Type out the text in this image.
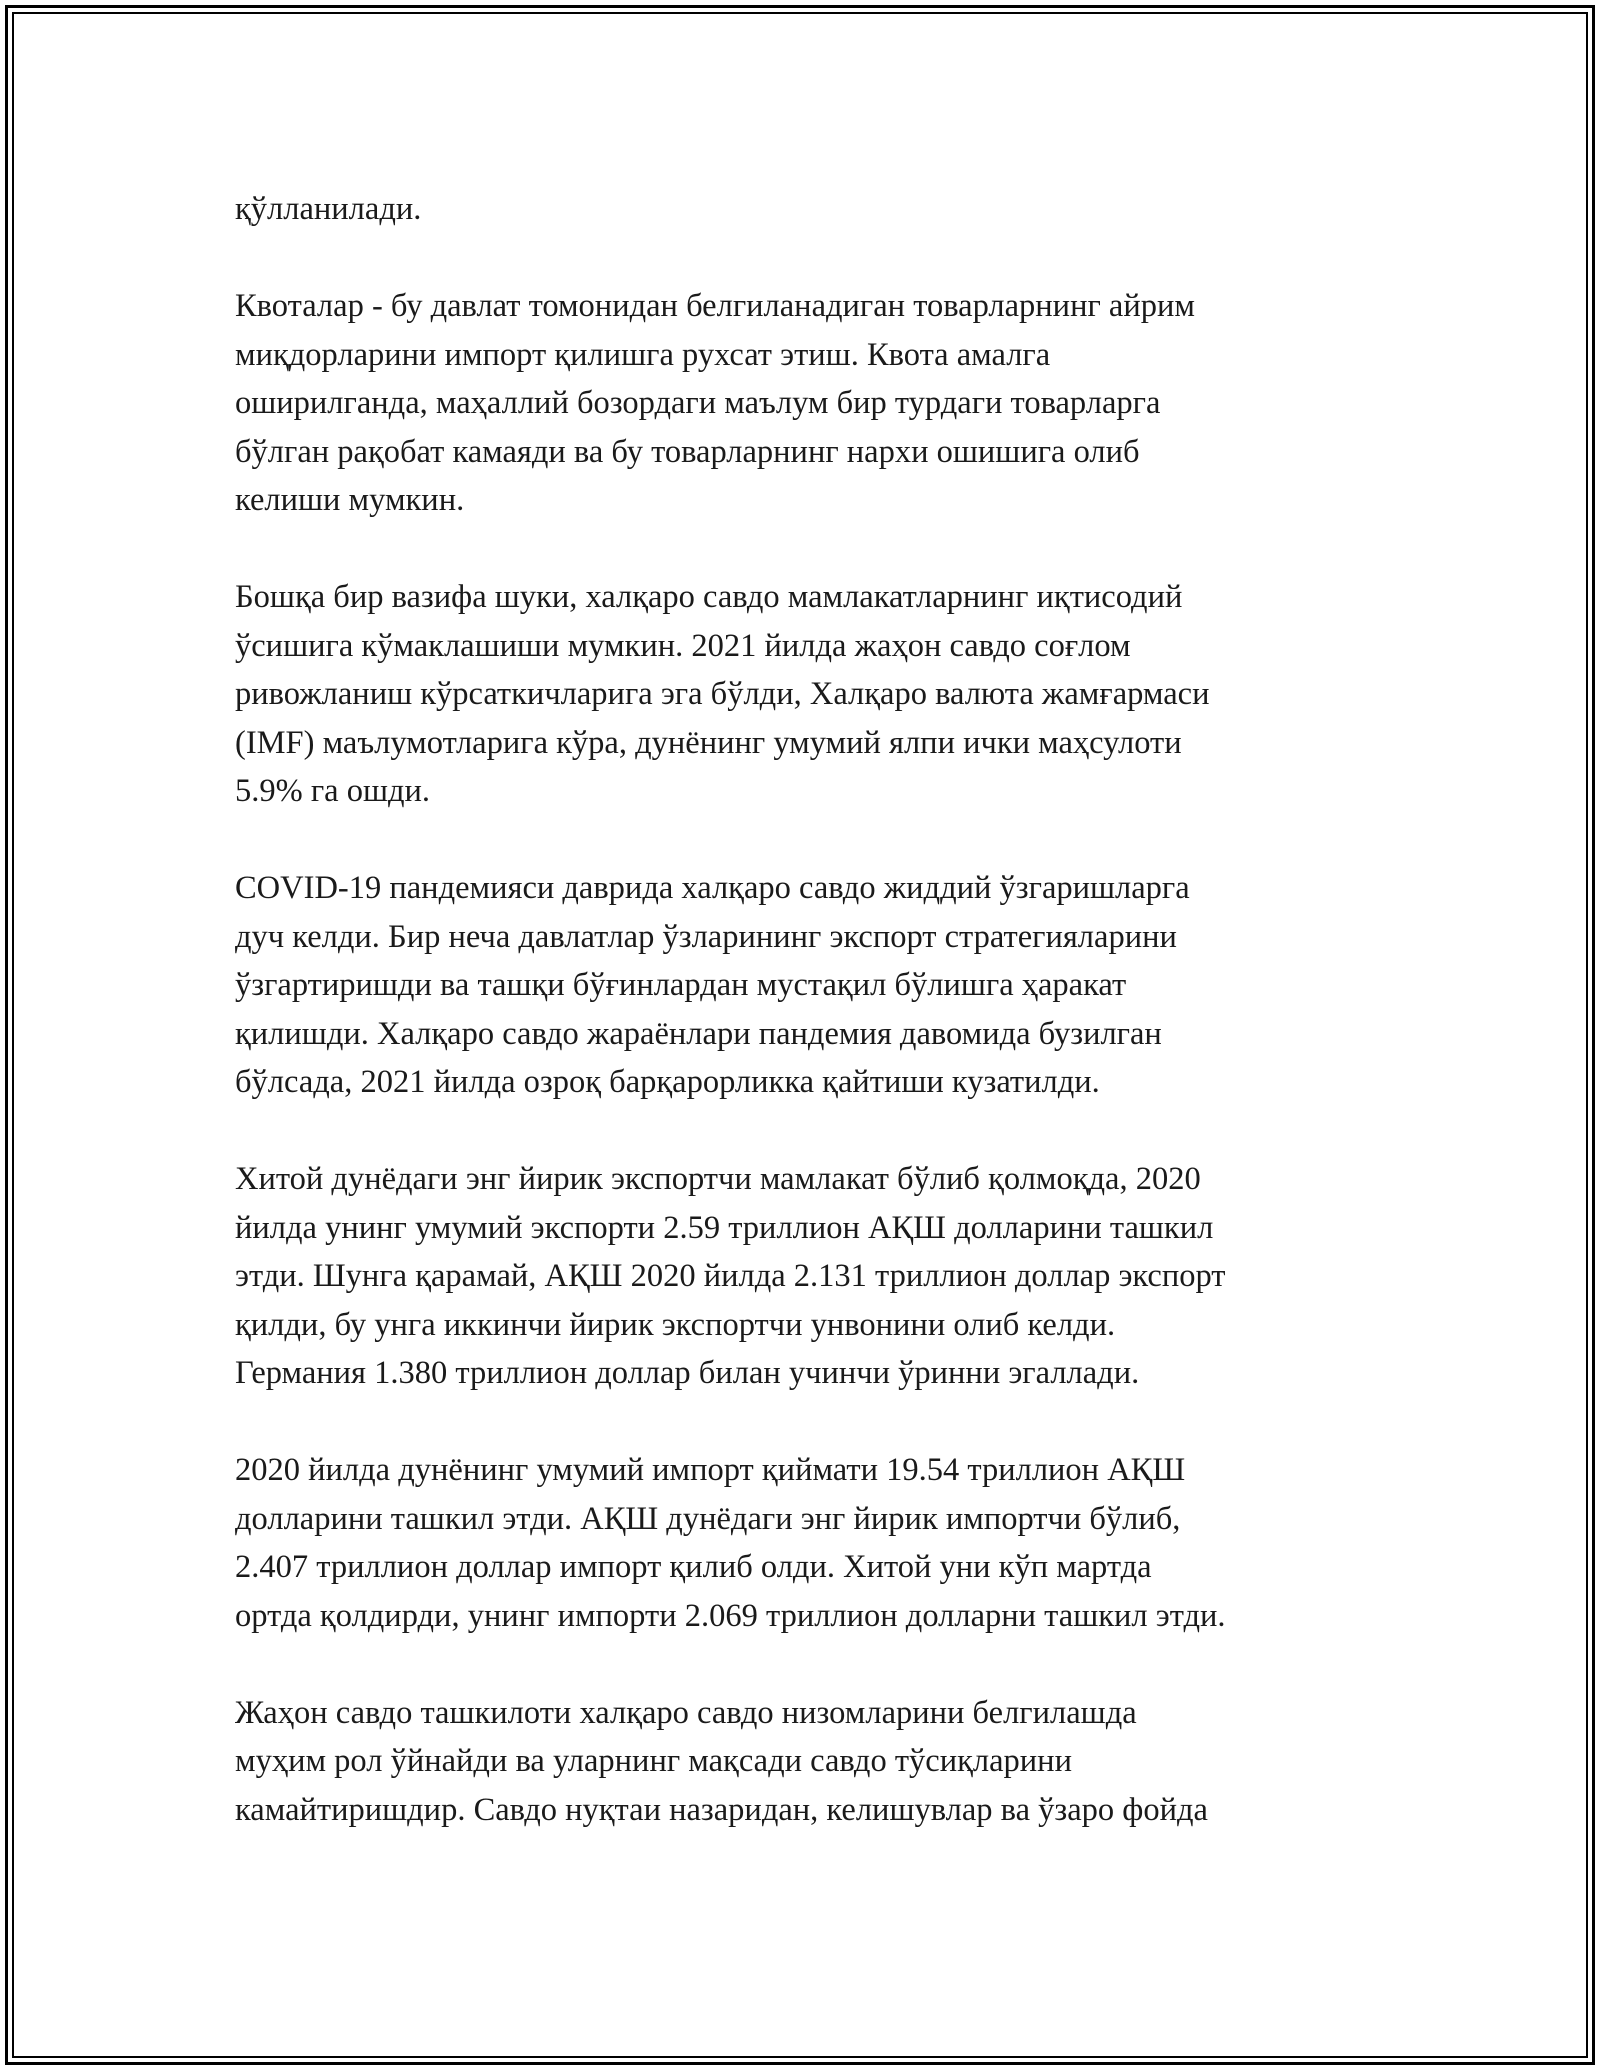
қўлланилади.

Квоталар - бу давлат томонидан белгиланадиган товарларнинг айрим
миқдорларини импорт қилишга рухсат этиш. Квота амалга
оширилганда, маҳаллий бозордаги маълум бир турдаги товарларга
бўлган рақобат камаяди ва бу товарларнинг нархи ошишига олиб
келиши мумкин.

Бошқа бир вазифа шуки, халқаро савдо мамлакатларнинг иқтисодий
ўсишига кўмаклашиши мумкин. 2021 йилда жаҳон савдо соғлом
ривожланиш кўрсаткичларига эга бўлди, Халқаро валюта жамғармаси
(IMF) маълумотларига кўра, дунёнинг умумий ялпи ички маҳсулоти
5.9% га ошди.

COVID-19 пандемияси даврида халқаро савдо жиддий ўзгаришларга
дуч келди. Бир неча давлатлар ўзларининг экспорт стратегияларини
ўзгартиришди ва ташқи бўғинлардан мустақил бўлишга ҳаракат
қилишди. Халқаро савдо жараёнлари пандемия давомида бузилган
бўлсада, 2021 йилда озроқ барқарорликка қайтиши кузатилди.

Хитой дунёдаги энг йирик экспортчи мамлакат бўлиб қолмоқда, 2020
йилда унинг умумий экспорти 2.59 триллион АҚШ долларини ташкил
этди. Шунга қарамай, АҚШ 2020 йилда 2.131 триллион доллар экспорт
қилди, бу унга иккинчи йирик экспортчи унвонини олиб келди.
Германия 1.380 триллион доллар билан учинчи ўринни эгаллади.

2020 йилда дунёнинг умумий импорт қиймати 19.54 триллион АҚШ
долларини ташкил этди. АҚШ дунёдаги энг йирик импортчи бўлиб,
2.407 триллион доллар импорт қилиб олди. Хитой уни кўп мартда
ортда қолдирди, унинг импорти 2.069 триллион долларни ташкил этди.

Жаҳон савдо ташкилоти халқаро савдо низомларини белгилашда
муҳим рол ўйнайди ва уларнинг мақсади савдо тўсиқларини
камайтиришдир. Савдо нуқтаи назаридан, келишувлар ва ўзаро фойда
